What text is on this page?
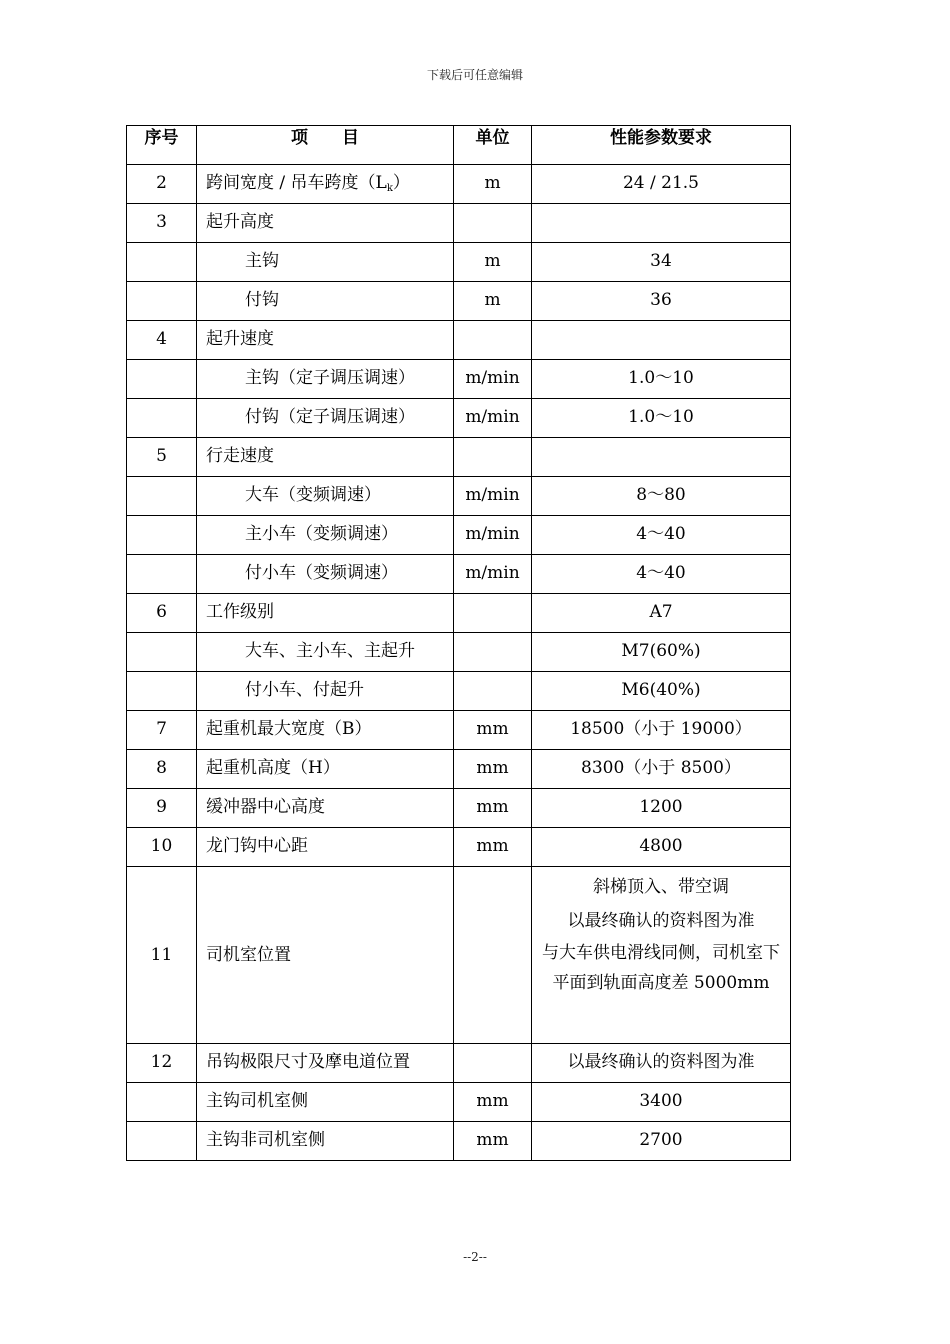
下载后可任意编辑
序号	项　　目	单位	性能参数要求
2	跨间宽度 / 吊车跨度（Lk）	m	24 / 21.5
3	起升高度		
	主钩	m	34
	付钩	m	36
4	起升速度		
	主钩（定子调压调速）	m/min	1.0～10
	付钩（定子调压调速）	m/min	1.0～10
5	行走速度		
	大车（变频调速）	m/min	8～80
	主小车（变频调速）	m/min	4～40
	付小车（变频调速）	m/min	4～40
6	工作级别		A7
	大车、主小车、主起升		M7(60%)
	付小车、付起升		M6(40%)
7	起重机最大宽度（B）	mm	18500（小于 19000）
8	起重机高度（H）	mm	8300（小于 8500）
9	缓冲器中心高度	mm	1200
10	龙门钩中心距	mm	4800
11	司机室位置		斜梯顶入、带空调
以最终确认的资料图为准
与大车供电滑线同侧，司机室下平面到轨面高度差 5000mm

12	吊钩极限尺寸及摩电道位置		以最终确认的资料图为准
	主钩司机室侧	mm	3400
	主钩非司机室侧	mm	2700
--2--
